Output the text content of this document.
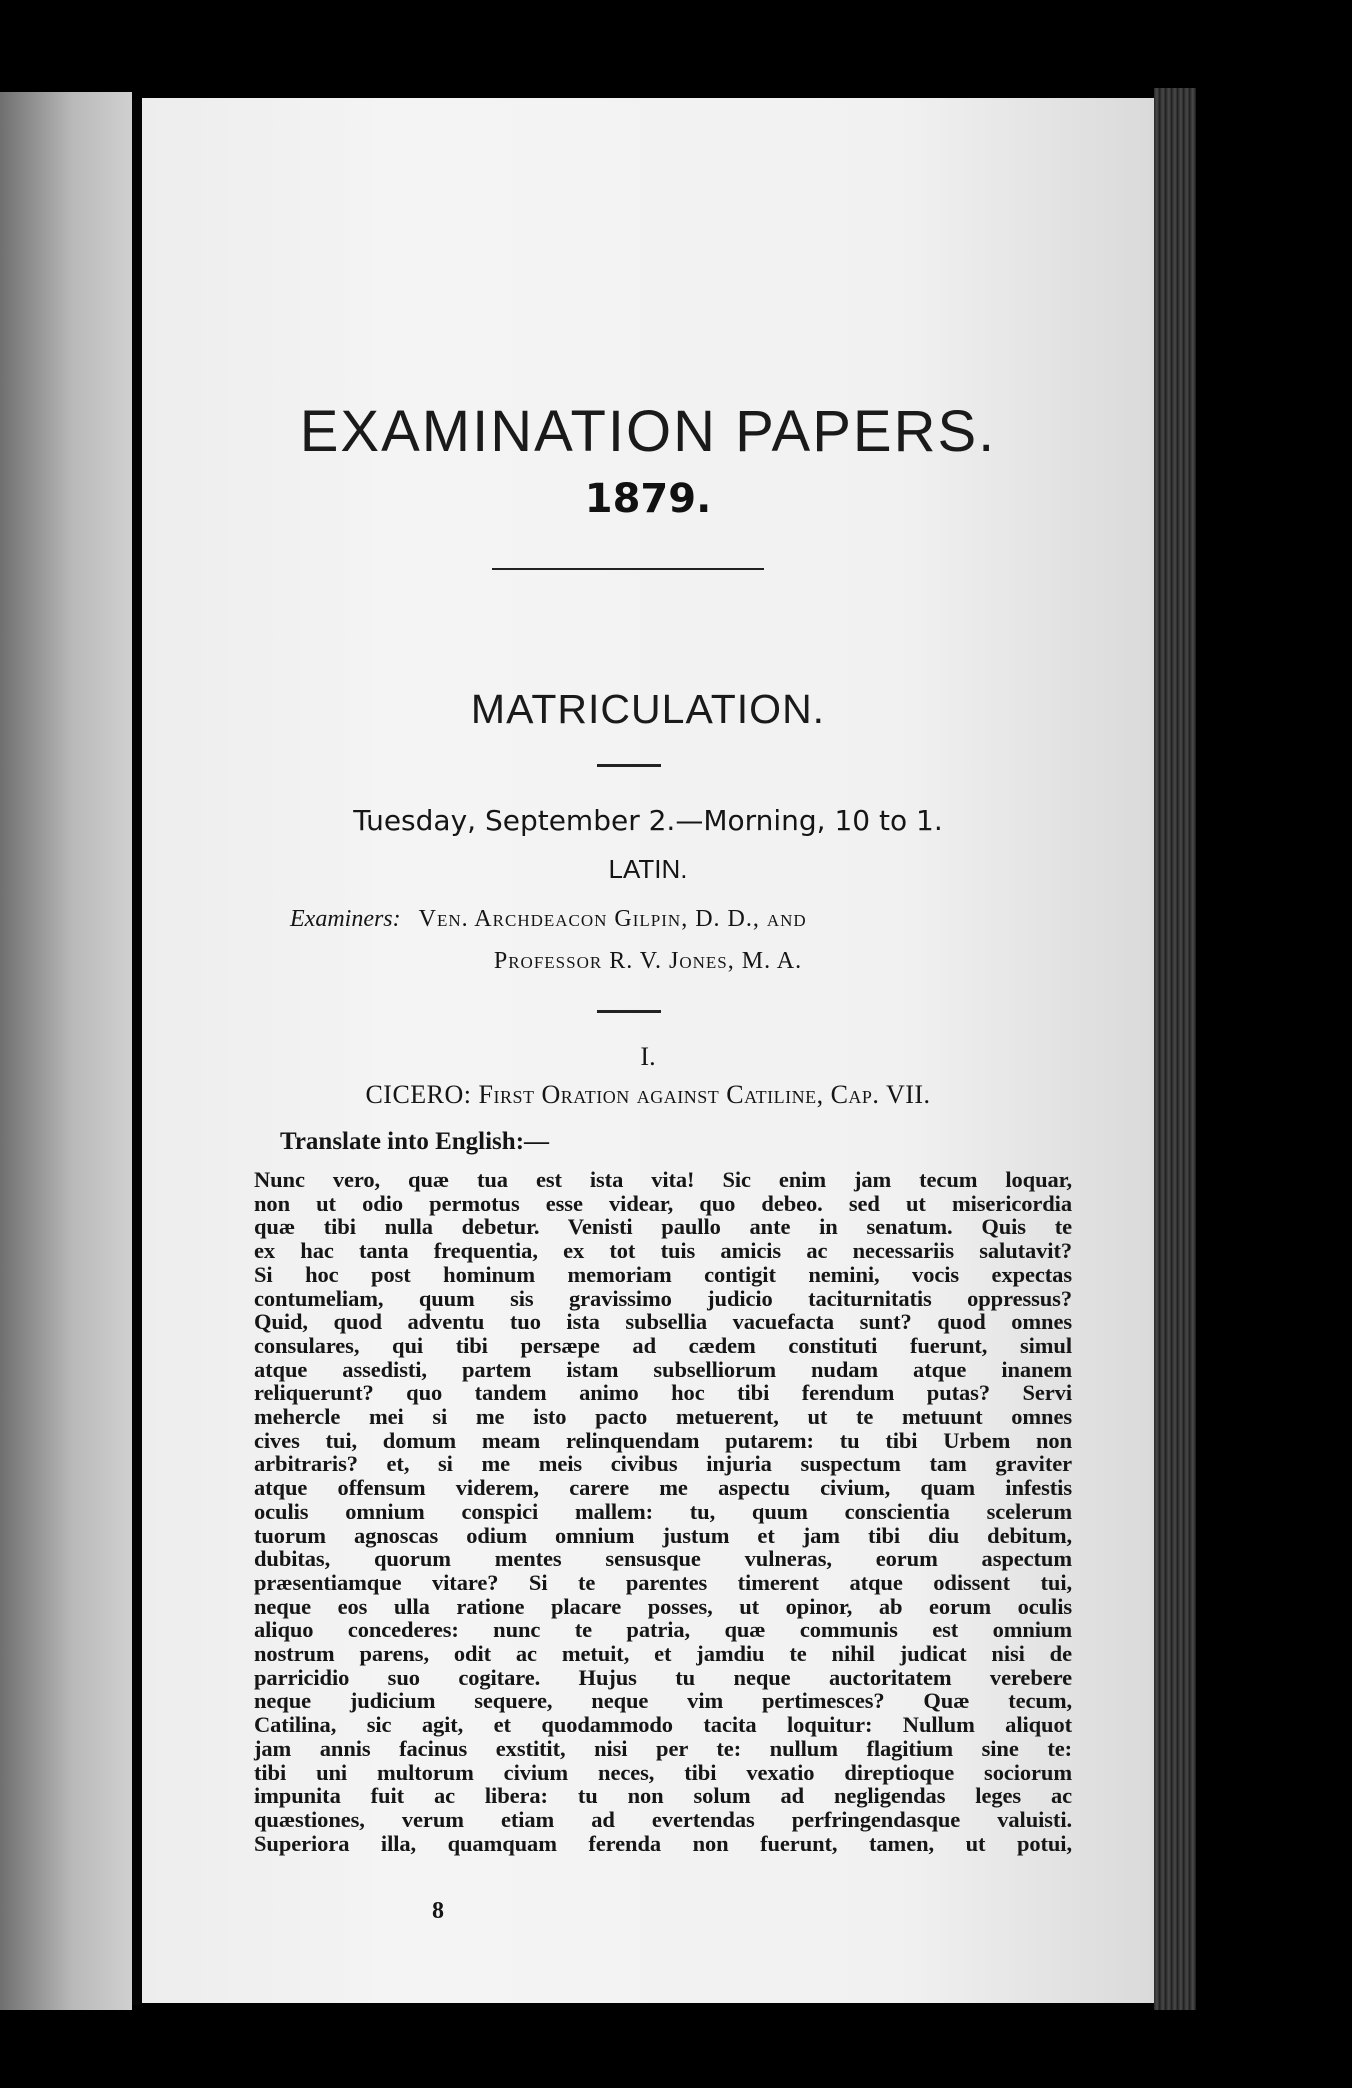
EXAMINATION PAPERS.
1879.
MATRICULATION.
Tuesday, September 2.—Morning, 10 to 1.
LATIN.
Examiners: Ven. Archdeacon Gilpin, D. D., and
Professor R. V. Jones, M. A.
I.
CICERO: First Oration against Catiline, Cap. VII.
Translate into English:—
Nunc vero, quæ tua est ista vita! Sic enim jam tecum loquar,
non ut odio permotus esse videar, quo debeo. sed ut misericordia
quæ tibi nulla debetur. Venisti paullo ante in senatum. Quis te
ex hac tanta frequentia, ex tot tuis amicis ac necessariis salutavit?
Si hoc post hominum memoriam contigit nemini, vocis expectas
contumeliam, quum sis gravissimo judicio taciturnitatis oppressus?
Quid, quod adventu tuo ista subsellia vacuefacta sunt? quod omnes
consulares, qui tibi persæpe ad cædem constituti fuerunt, simul
atque assedisti, partem istam subselliorum nudam atque inanem
reliquerunt? quo tandem animo hoc tibi ferendum putas? Servi
mehercle mei si me isto pacto metuerent, ut te metuunt omnes
cives tui, domum meam relinquendam putarem: tu tibi Urbem non
arbitraris? et, si me meis civibus injuria suspectum tam graviter
atque offensum viderem, carere me aspectu civium, quam infestis
oculis omnium conspici mallem: tu, quum conscientia scelerum
tuorum agnoscas odium omnium justum et jam tibi diu debitum,
dubitas, quorum mentes sensusque vulneras, eorum aspectum
præsentiamque vitare? Si te parentes timerent atque odissent tui,
neque eos ulla ratione placare posses, ut opinor, ab eorum oculis
aliquo concederes: nunc te patria, quæ communis est omnium
nostrum parens, odit ac metuit, et jamdiu te nihil judicat nisi de
parricidio suo cogitare. Hujus tu neque auctoritatem verebere
neque judicium sequere, neque vim pertimesces? Quæ tecum,
Catilina, sic agit, et quodammodo tacita loquitur: Nullum aliquot
jam annis facinus exstitit, nisi per te: nullum flagitium sine te:
tibi uni multorum civium neces, tibi vexatio direptioque sociorum
impunita fuit ac libera: tu non solum ad negligendas leges ac
quæstiones, verum etiam ad evertendas perfringendasque valuisti.
Superiora illa, quamquam ferenda non fuerunt, tamen, ut potui,
8
